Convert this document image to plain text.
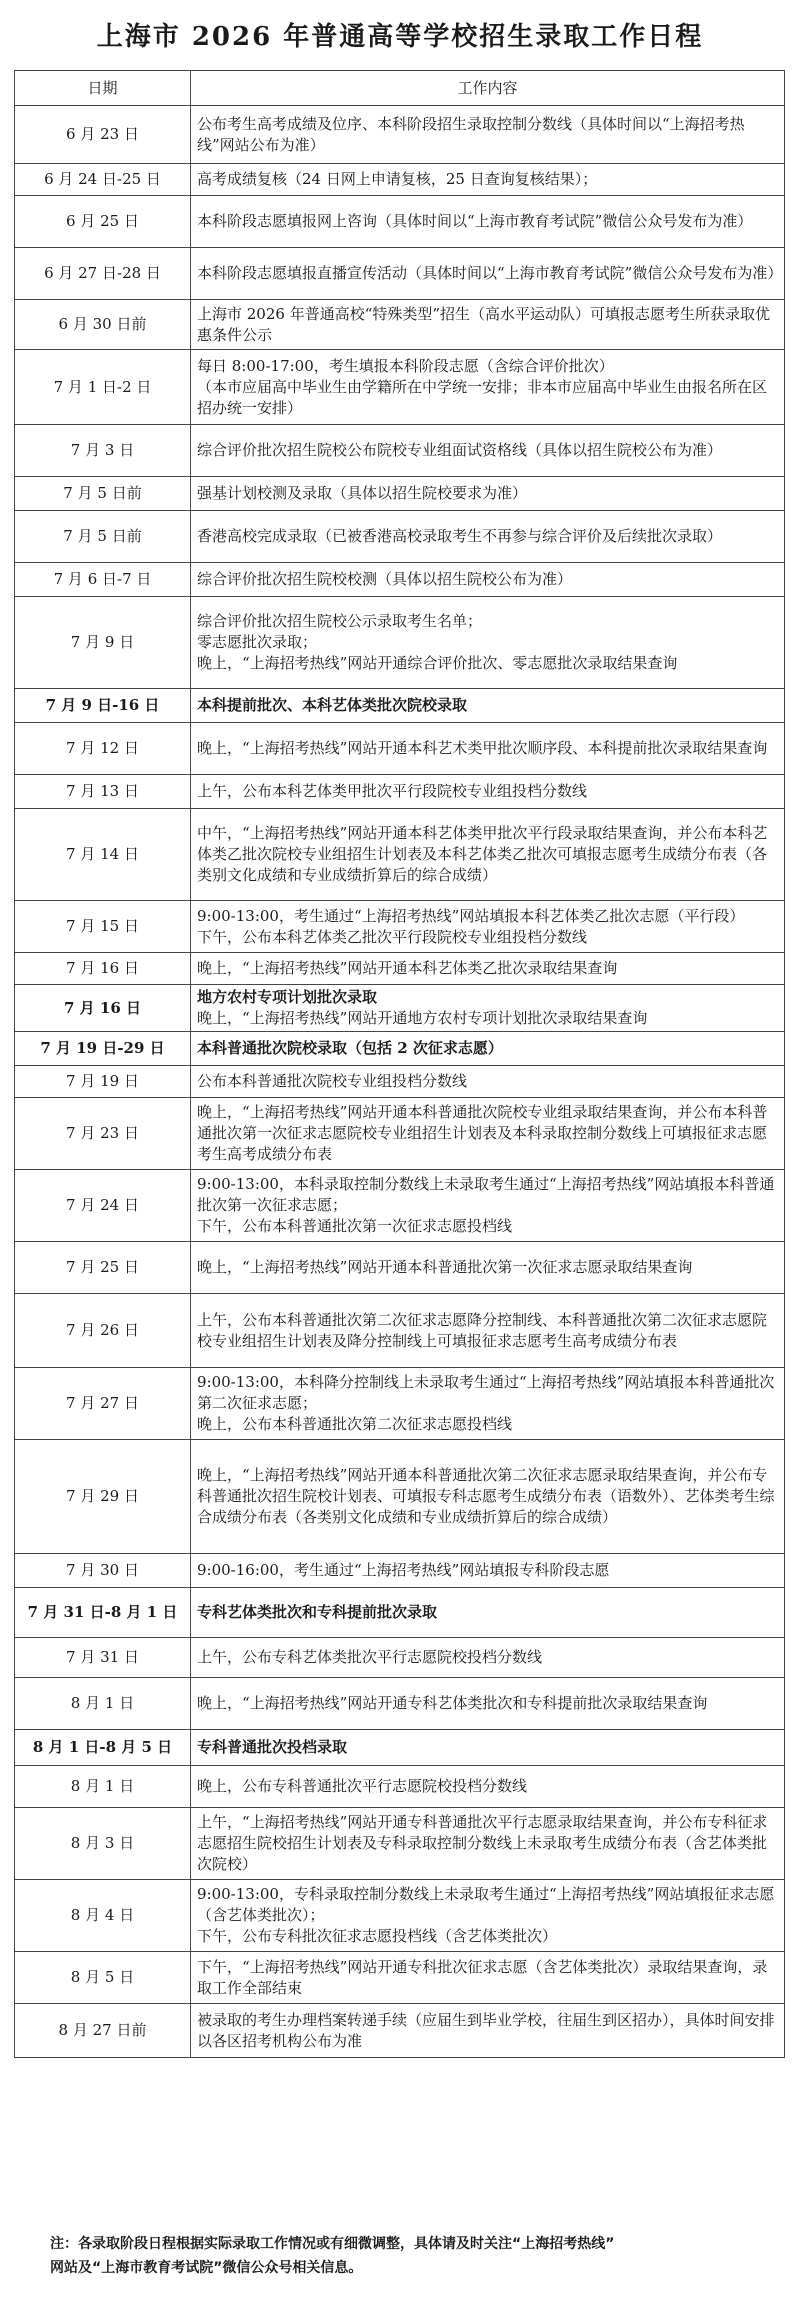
上海市 2026 年普通高等学校招生录取工作日程
日期	工作内容
6 月 23 日	公布考生高考成绩及位序、本科阶段招生录取控制分数线（具体时间以“上海招考热线”网站公布为准）

6 月 24 日-25 日	高考成绩复核（24 日网上申请复核，25 日查询复核结果）；

6 月 25 日	本科阶段志愿填报网上咨询（具体时间以“上海市教育考试院”微信公众号发布为准）

6 月 27 日-28 日	本科阶段志愿填报直播宣传活动（具体时间以“上海市教育考试院”微信公众号发布为准）

6 月 30 日前	上海市 2026 年普通高校“特殊类型”招生（高水平运动队）可填报志愿考生所获录取优惠条件公示

7 月 1 日-2 日	每日 8:00-17:00，考生填报本科阶段志愿（含综合评价批次）
（本市应届高中毕业生由学籍所在中学统一安排；非本市应届高中毕业生由报名所在区招办统一安排）

7 月 3 日	综合评价批次招生院校公布院校专业组面试资格线（具体以招生院校公布为准）

7 月 5 日前	强基计划校测及录取（具体以招生院校要求为准）

7 月 5 日前	香港高校完成录取（已被香港高校录取考生不再参与综合评价及后续批次录取）

7 月 6 日-7 日	综合评价批次招生院校校测（具体以招生院校公布为准）

7 月 9 日	综合评价批次招生院校公示录取考生名单；
零志愿批次录取；
晚上，“上海招考热线”网站开通综合评价批次、零志愿批次录取结果查询

7 月 9 日-16 日	本科提前批次、本科艺体类批次院校录取

7 月 12 日	晚上，“上海招考热线”网站开通本科艺术类甲批次顺序段、本科提前批次录取结果查询

7 月 13 日	上午，公布本科艺体类甲批次平行段院校专业组投档分数线

7 月 14 日	中午，“上海招考热线”网站开通本科艺体类甲批次平行段录取结果查询，并公布本科艺体类乙批次院校专业组招生计划表及本科艺体类乙批次可填报志愿考生成绩分布表（各类别文化成绩和专业成绩折算后的综合成绩）

7 月 15 日	9:00-13:00，考生通过“上海招考热线”网站填报本科艺体类乙批次志愿（平行段）
下午，公布本科艺体类乙批次平行段院校专业组投档分数线

7 月 16 日	晚上，“上海招考热线”网站开通本科艺体类乙批次录取结果查询

7 月 16 日	地方农村专项计划批次录取
晚上，“上海招考热线”网站开通地方农村专项计划批次录取结果查询

7 月 19 日-29 日	本科普通批次院校录取（包括 2 次征求志愿）

7 月 19 日	公布本科普通批次院校专业组投档分数线

7 月 23 日	晚上，“上海招考热线”网站开通本科普通批次院校专业组录取结果查询，并公布本科普通批次第一次征求志愿院校专业组招生计划表及本科录取控制分数线上可填报征求志愿考生高考成绩分布表

7 月 24 日	9:00-13:00，本科录取控制分数线上未录取考生通过“上海招考热线”网站填报本科普通批次第一次征求志愿；
下午，公布本科普通批次第一次征求志愿投档线

7 月 25 日	晚上，“上海招考热线”网站开通本科普通批次第一次征求志愿录取结果查询

7 月 26 日	上午，公布本科普通批次第二次征求志愿降分控制线、本科普通批次第二次征求志愿院校专业组招生计划表及降分控制线上可填报征求志愿考生高考成绩分布表

7 月 27 日	9:00-13:00，本科降分控制线上未录取考生通过“上海招考热线”网站填报本科普通批次第二次征求志愿；
晚上，公布本科普通批次第二次征求志愿投档线

7 月 29 日	晚上，“上海招考热线”网站开通本科普通批次第二次征求志愿录取结果查询，并公布专科普通批次招生院校计划表、可填报专科志愿考生成绩分布表（语数外）、艺体类考生综合成绩分布表（各类别文化成绩和专业成绩折算后的综合成绩）

7 月 30 日	9:00-16:00，考生通过“上海招考热线”网站填报专科阶段志愿

7 月 31 日-8 月 1 日	专科艺体类批次和专科提前批次录取

7 月 31 日	上午，公布专科艺体类批次平行志愿院校投档分数线

8 月 1 日	晚上，“上海招考热线”网站开通专科艺体类批次和专科提前批次录取结果查询

8 月 1 日-8 月 5 日	专科普通批次投档录取

8 月 1 日	晚上，公布专科普通批次平行志愿院校投档分数线

8 月 3 日	上午，“上海招考热线”网站开通专科普通批次平行志愿录取结果查询，并公布专科征求志愿招生院校招生计划表及专科录取控制分数线上未录取考生成绩分布表（含艺体类批次院校）

8 月 4 日	9:00-13:00，专科录取控制分数线上未录取考生通过“上海招考热线”网站填报征求志愿（含艺体类批次）；
下午，公布专科批次征求志愿投档线（含艺体类批次）

8 月 5 日	下午，“上海招考热线”网站开通专科批次征求志愿（含艺体类批次）录取结果查询，录取工作全部结束

8 月 27 日前	被录取的考生办理档案转递手续（应届生到毕业学校，往届生到区招办），具体时间安排以各区招考机构公布为准
注：各录取阶段日程根据实际录取工作情况或有细微调整，具体请及时关注“上海招考热线”
网站及“上海市教育考试院”微信公众号相关信息。
